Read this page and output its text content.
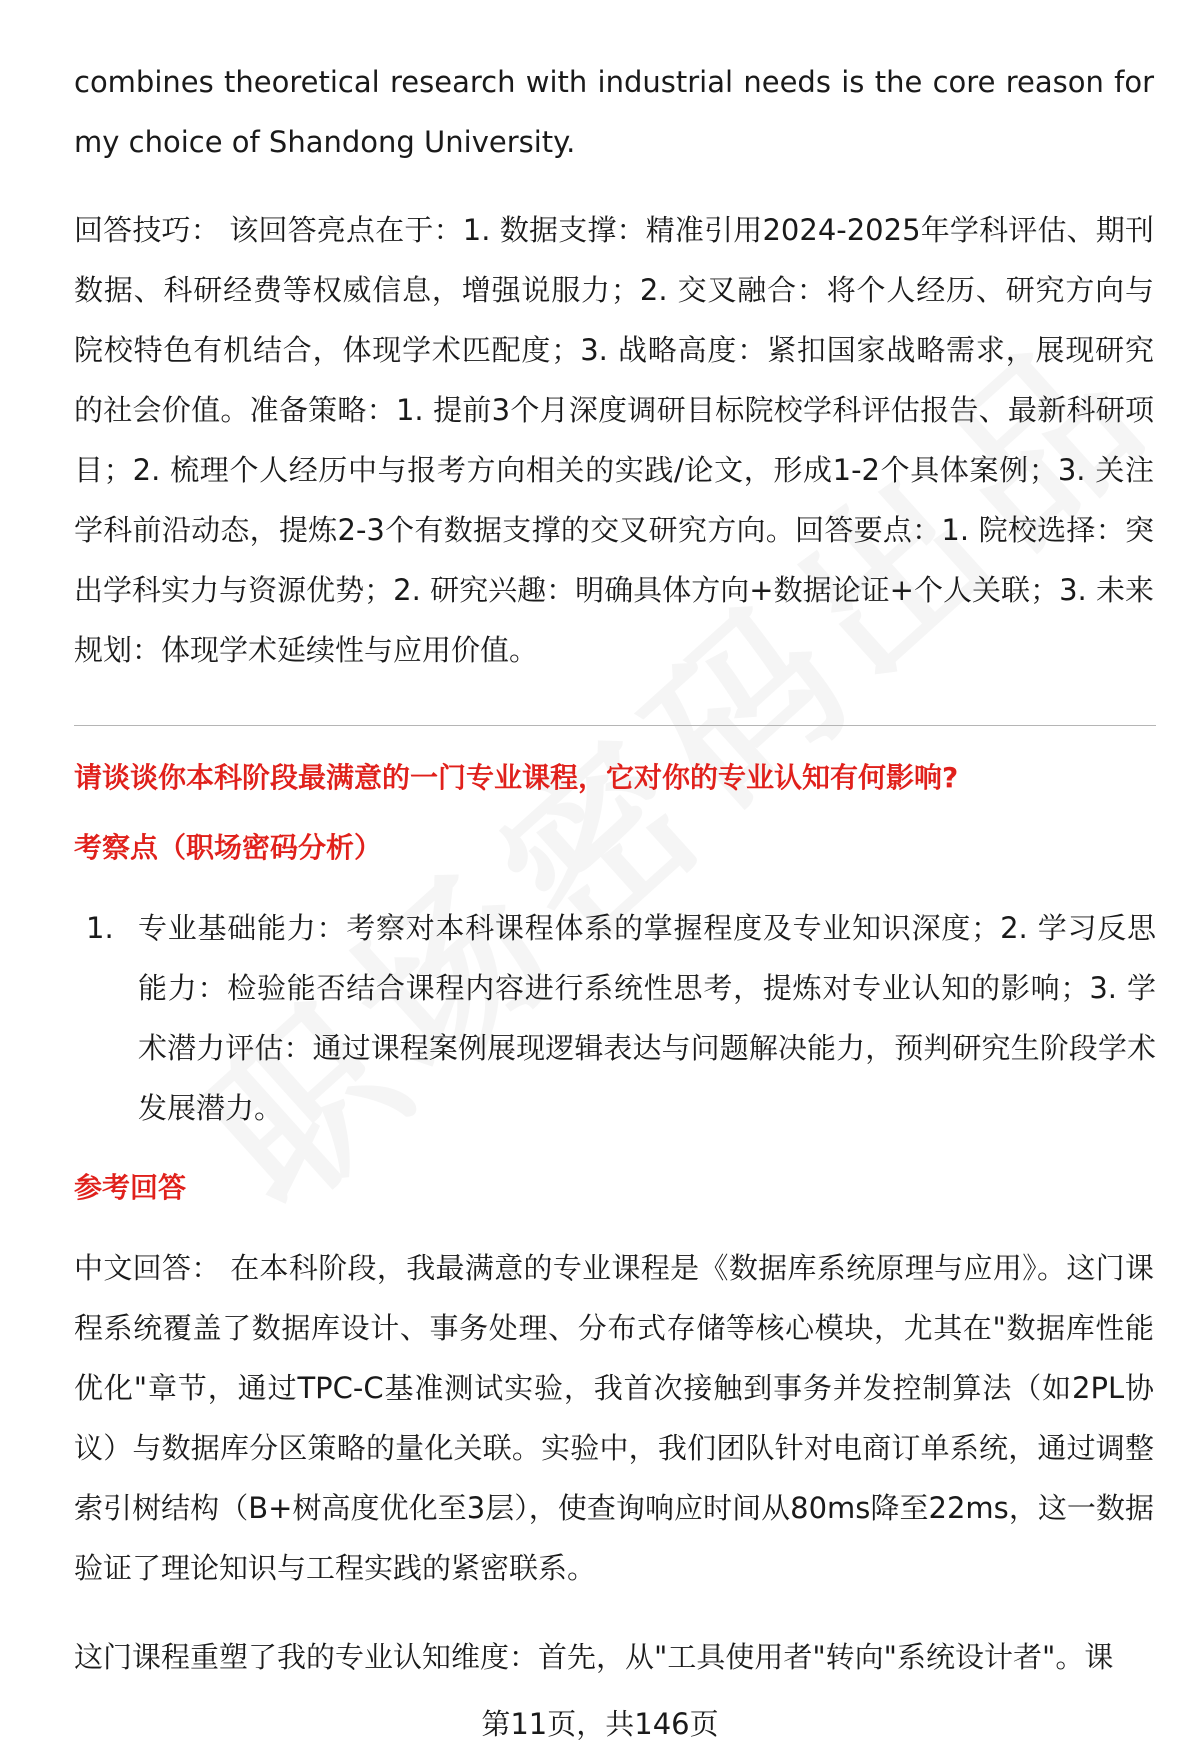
combines theoretical research with industrial needs is the core reason for my choice of Shandong University.
回答技巧： 该回答亮点在于：1. 数据支撑：精准引用2024-2025年学科评估、期刊数据、科研经费等权威信息，增强说服力；2. 交叉融合：将个人经历、研究方向与院校特色有机结合，体现学术匹配度；3. 战略高度：紧扣国家战略需求，展现研究的社会价值。准备策略：1. 提前3个月深度调研目标院校学科评估报告、最新科研项目；2. 梳理个人经历中与报考方向相关的实践/论文，形成1-2个具体案例；3. 关注学科前沿动态，提炼2-3个有数据支撑的交叉研究方向。回答要点：1. 院校选择：突出学科实力与资源优势；2. 研究兴趣：明确具体方向+数据论证+个人关联；3. 未来规划：体现学术延续性与应用价值。
请谈谈你本科阶段最满意的一门专业课程，它对你的专业认知有何影响?
考察点（职场密码分析）
1. 专业基础能力：考察对本科课程体系的掌握程度及专业知识深度；2. 学习反思能力：检验能否结合课程内容进行系统性思考，提炼对专业认知的影响；3. 学术潜力评估：通过课程案例展现逻辑表达与问题解决能力，预判研究生阶段学术发展潜力。
参考回答
中文回答： 在本科阶段，我最满意的专业课程是《数据库系统原理与应用》。这门课程系统覆盖了数据库设计、事务处理、分布式存储等核心模块，尤其在"数据库性能优化"章节，通过TPC-C基准测试实验，我首次接触到事务并发控制算法（如2PL协议）与数据库分区策略的量化关联。实验中，我们团队针对电商订单系统，通过调整索引树结构（B+树高度优化至3层），使查询响应时间从80ms降至22ms，这一数据验证了理论知识与工程实践的紧密联系。
这门课程重塑了我的专业认知维度：首先，从"工具使用者"转向"系统设计者"。课
第11页，共146页
